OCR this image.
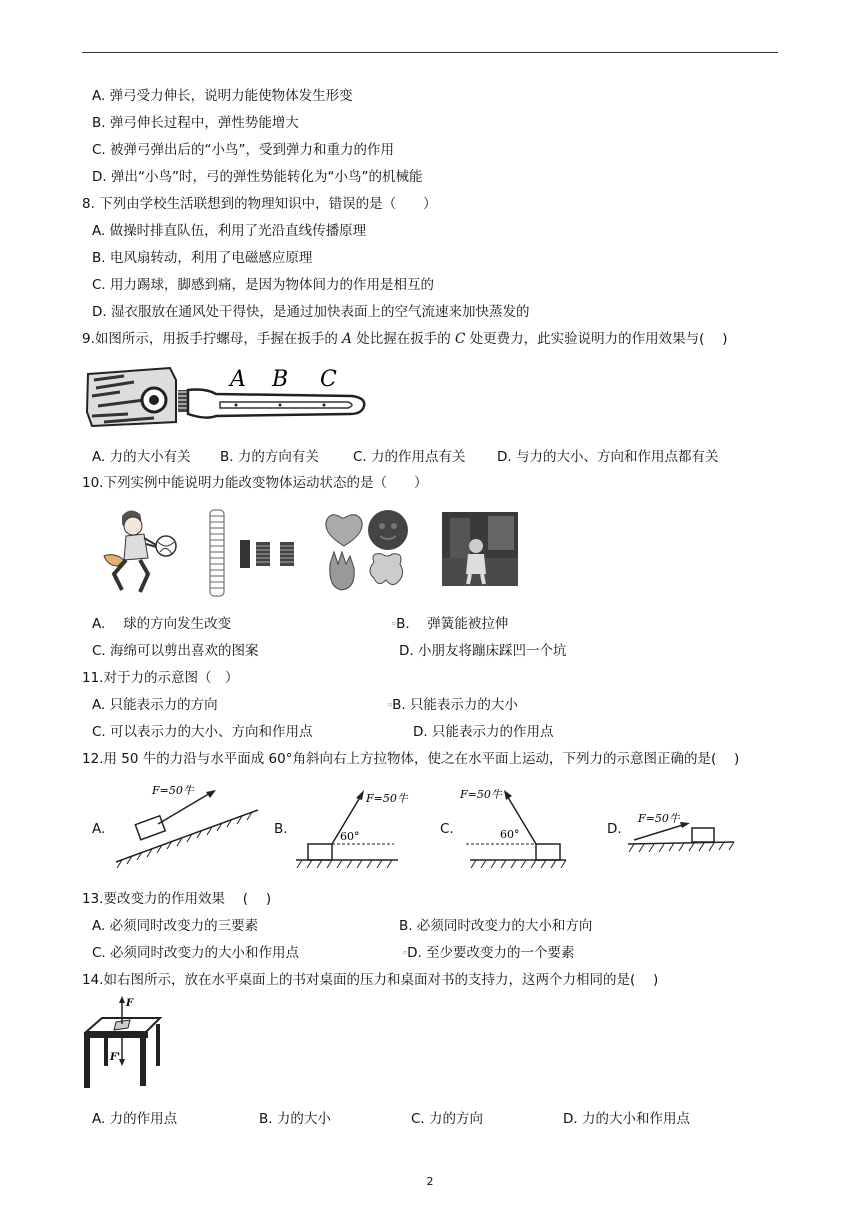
A. 弹弓受力伸长，说明力能使物体发生形变
B. 弹弓伸长过程中，弹性势能增大
C. 被弹弓弹出后的“小鸟”，受到弹力和重力的作用
D. 弹出“小鸟”时，弓的弹性势能转化为“小鸟”的机械能
8. 下列由学校生活联想到的物理知识中，错误的是（　　）
A. 做操时排直队伍，利用了光沿直线传播原理
B. 电风扇转动，利用了电磁感应原理
C. 用力踢球，脚感到痛，是因为物体间力的作用是相互的
D. 湿衣服放在通风处干得快，是通过加快表面上的空气流速来加快蒸发的
9.如图所示，用扳手拧螺母，手握在扳手的 A 处比握在扳手的 C 处更费力，此实验说明力的作用效果与(　 )
A B C
A. 力的大小有关 B. 力的方向有关	C. 力的作用点有关 D. 与力的大小、方向和作用点都有关
10.下列实例中能说明力能改变物体运动状态的是（　　）
A.　 球的方向发生改变	▫B.　 弹簧能被拉伸
C. 海绵可以剪出喜欢的图案	D. 小朋友将蹦床踩凹一个坑
11.对于力的示意图（　）
A. 只能表示力的方向	▫B. 只能表示力的大小
C. 可以表示力的大小、方向和作用点	D. 只能表示力的作用点
12.用 50 牛的力沿与水平面成 60°角斜向右上方拉物体，使之在水平面上运动，下列力的示意图正确的是(　 )
A.
F=50牛
B.
F=50牛
60°	C.
F=50牛
60°	D.
F=50牛
13.要改变力的作用效果　 (　 )
A. 必须同时改变力的三要素	B. 必须同时改变力的大小和方向
C. 必须同时改变力的大小和作用点	▫D. 至少要改变力的一个要素
14.如右图所示，放在水平桌面上的书对桌面的压力和桌面对书的支持力，这两个力相同的是(　 )
F
F'
A. 力的作用点	B. 力的大小	C. 力的方向	D. 力的大小和作用点
2
